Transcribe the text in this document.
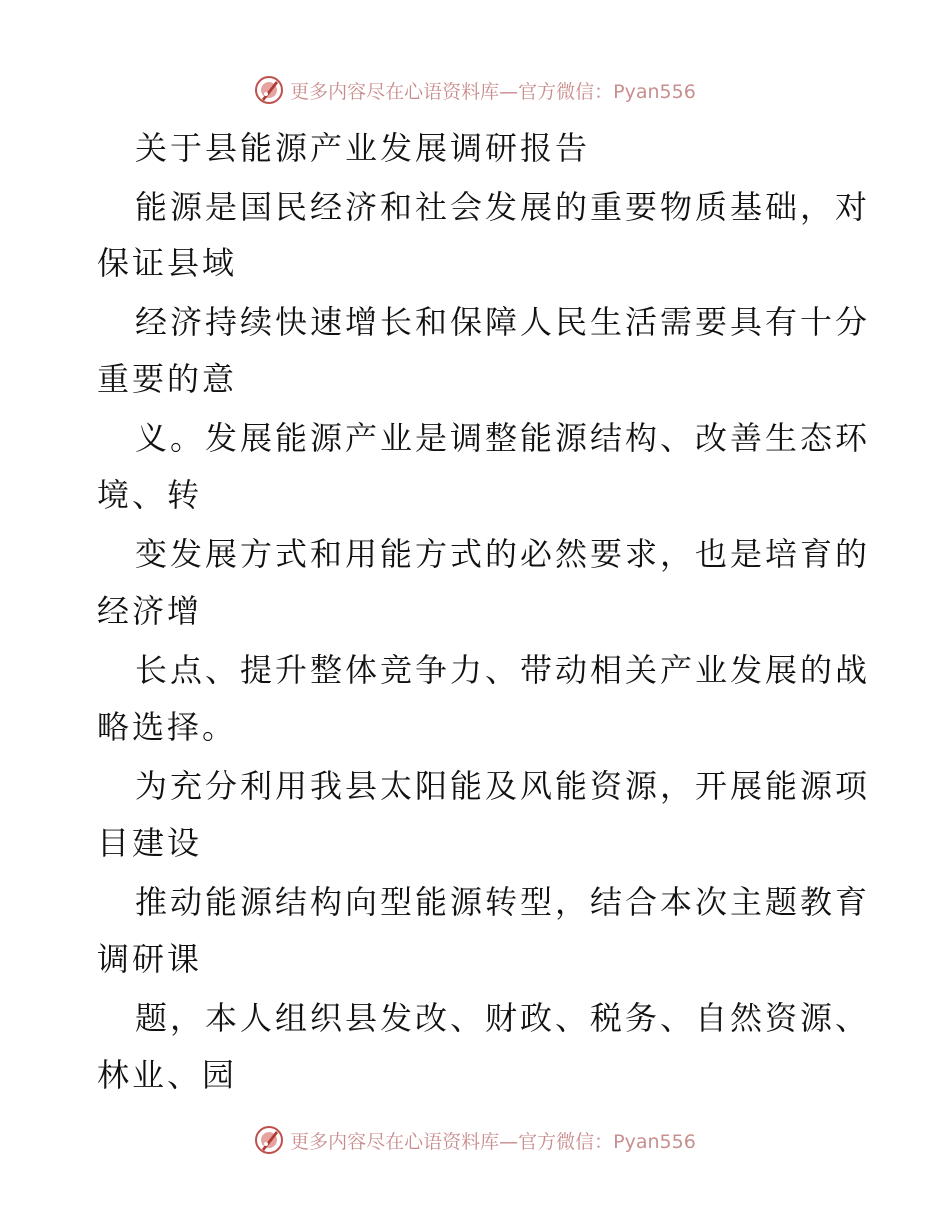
更多内容尽在心语资料库—官方微信：Pyan556
关于县能源产业发展调研报告
能源是国民经济和社会发展的重要物质基础，对
保证县域
经济持续快速增长和保障人民生活需要具有十分
重要的意
义。发展能源产业是调整能源结构、改善生态环
境、转
变发展方式和用能方式的必然要求，也是培育的
经济增
长点、提升整体竞争力、带动相关产业发展的战
略选择。
为充分利用我县太阳能及风能资源，开展能源项
目建设
推动能源结构向型能源转型，结合本次主题教育
调研课
题，本人组织县发改、财政、税务、自然资源、
林业、园
更多内容尽在心语资料库—官方微信：Pyan556
